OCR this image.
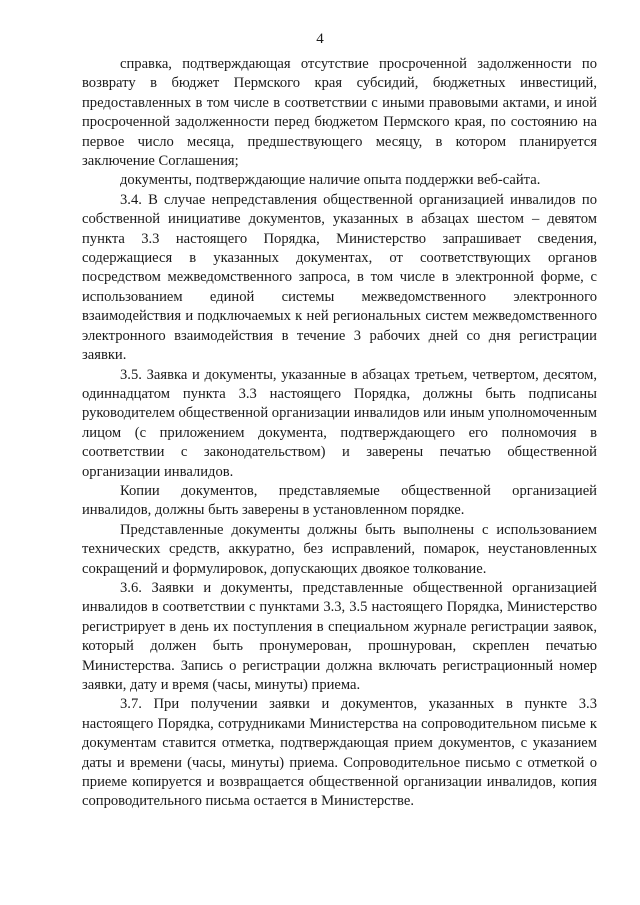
4

справка, подтверждающая отсутствие просроченной задолженности по возврату в бюджет Пермского края субсидий, бюджетных инвестиций, предоставленных в том числе в соответствии с иными правовыми актами, и иной просроченной задолженности перед бюджетом Пермского края, по состоянию на первое число месяца, предшествующего месяцу, в котором планируется заключение Соглашения;

документы, подтверждающие наличие опыта поддержки веб-сайта.

3.4. В случае непредставления общественной организацией инвалидов по собственной инициативе документов, указанных в абзацах шестом – девятом пункта 3.3 настоящего Порядка, Министерство запрашивает сведения, содержащиеся в указанных документах, от соответствующих органов посредством межведомственного запроса, в том числе в электронной форме, с использованием единой системы межведомственного электронного взаимодействия и подключаемых к ней региональных систем межведомственного электронного взаимодействия в течение 3 рабочих дней со дня регистрации заявки.

3.5. Заявка и документы, указанные в абзацах третьем, четвертом, десятом, одиннадцатом пункта 3.3 настоящего Порядка, должны быть подписаны руководителем общественной организации инвалидов или иным уполномоченным лицом (с приложением документа, подтверждающего его полномочия в соответствии с законодательством) и заверены печатью общественной организации инвалидов.

Копии документов, представляемые общественной организацией инвалидов, должны быть заверены в установленном порядке.

Представленные документы должны быть выполнены с использованием технических средств, аккуратно, без исправлений, помарок, неустановленных сокращений и формулировок, допускающих двоякое толкование.

3.6. Заявки и документы, представленные общественной организацией инвалидов в соответствии с пунктами 3.3, 3.5 настоящего Порядка, Министерство регистрирует в день их поступления в специальном журнале регистрации заявок, который должен быть пронумерован, прошнурован, скреплен печатью Министерства. Запись о регистрации должна включать регистрационный номер заявки, дату и время (часы, минуты) приема.

3.7. При получении заявки и документов, указанных в пункте 3.3 настоящего Порядка, сотрудниками Министерства на сопроводительном письме к документам ставится отметка, подтверждающая прием документов, с указанием даты и времени (часы, минуты) приема. Сопроводительное письмо с отметкой о приеме копируется и возвращается общественной организации инвалидов, копия сопроводительного письма остается в Министерстве.
